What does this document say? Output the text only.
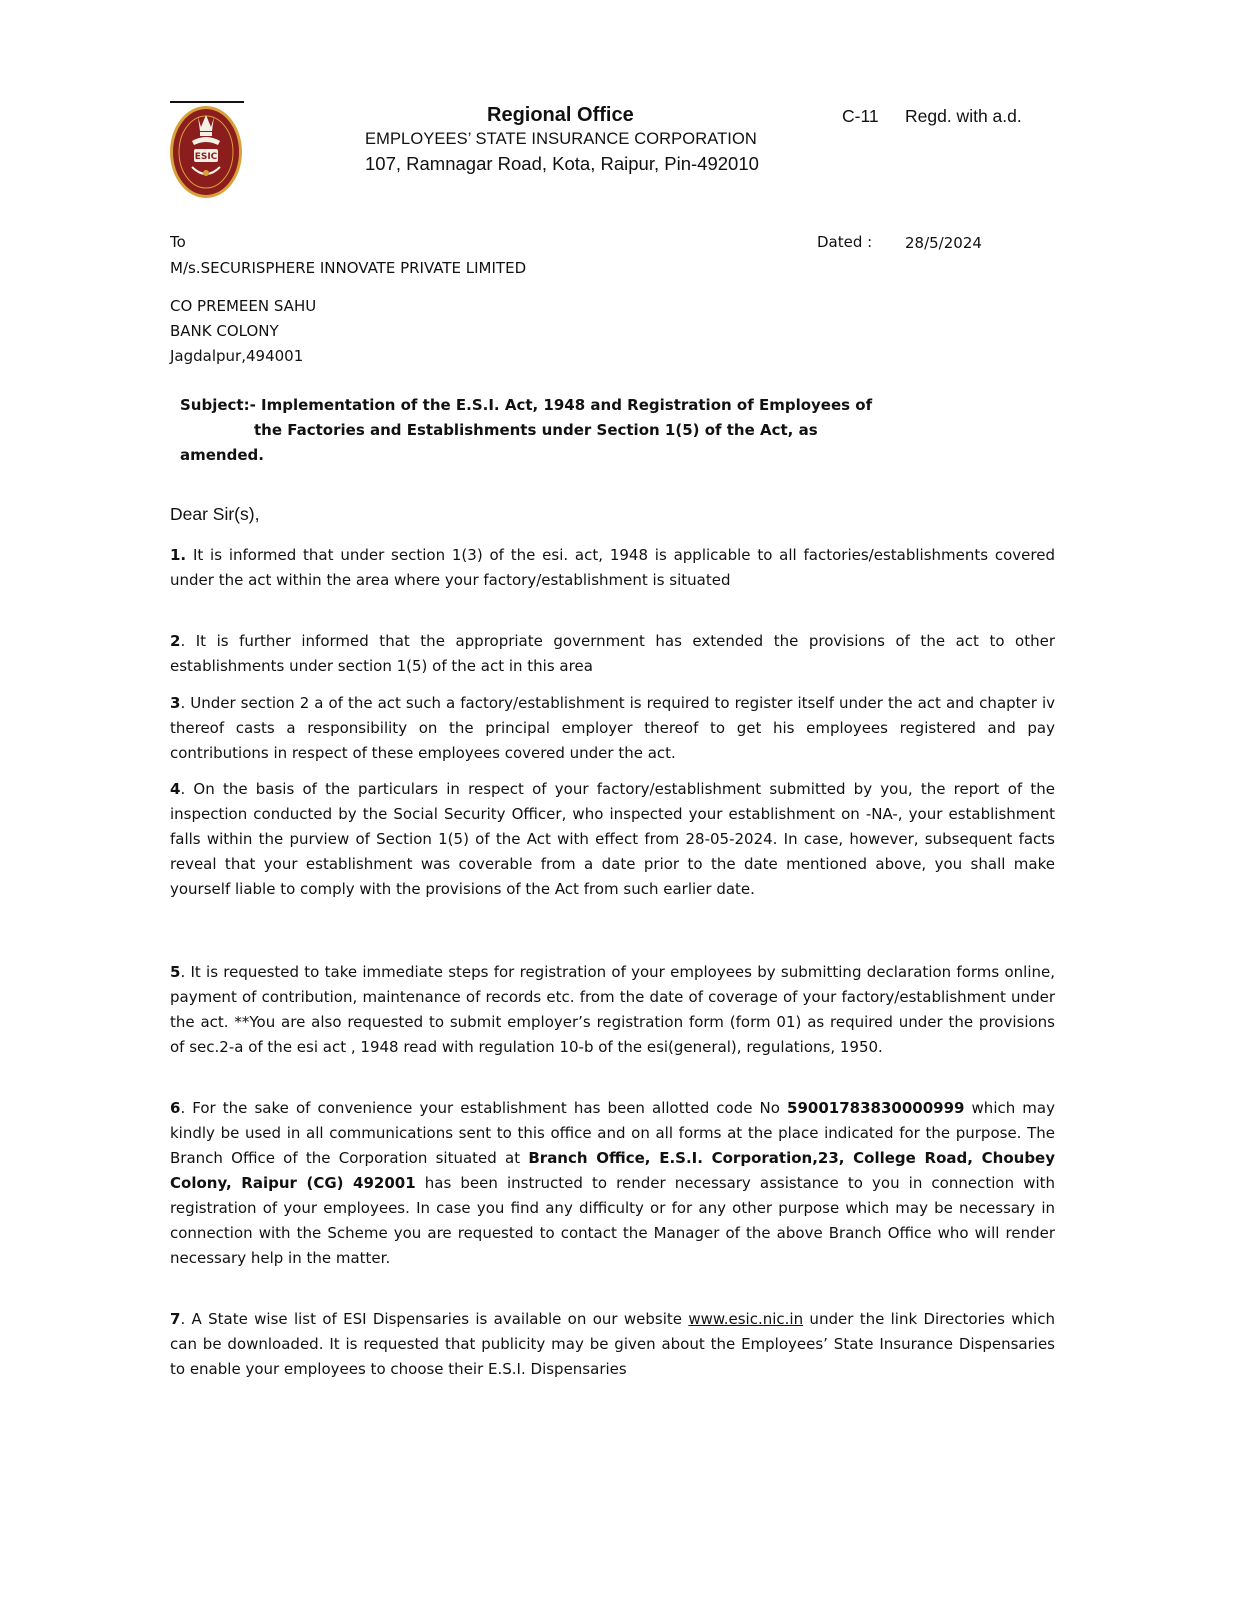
ESIC
Regional Office
EMPLOYEES’ STATE INSURANCE CORPORATION
107, Ramnagar Road, Kota, Raipur, Pin-492010
C-11 Regd. with a.d.
To	Dated : 28/5/2024
M/s.SECURISPHERE INNOVATE PRIVATE LIMITED
CO PREMEEN SAHU
BANK COLONY
Jagdalpur,494001
Subject:- Implementation of the E.S.I. Act, 1948 and Registration of Employees of
the Factories and Establishments under Section 1(5) of the Act, as
amended.
Dear Sir(s),

1. It is informed that under section 1(3) of the esi. act, 1948 is applicable to all factories/establishments covered under the act within the area where your factory/establishment is situated

2. It is further informed that the appropriate government has extended the provisions of the act to other establishments under section 1(5) of the act in this area

3. Under section 2 a of the act such a factory/establishment is required to register itself under the act and chapter iv thereof casts a responsibility on the principal employer thereof to get his employees registered and pay contributions in respect of these employees covered under the act.

4. On the basis of the particulars in respect of your factory/establishment submitted by you, the report of the inspection conducted by the Social Security Officer, who inspected your establishment on -NA-, your establishment falls within the purview of Section 1(5) of the Act with effect from 28-05-2024. In case, however, subsequent facts reveal that your establishment was coverable from a date prior to the date mentioned above, you shall make yourself liable to comply with the provisions of the Act from such earlier date.

5. It is requested to take immediate steps for registration of your employees by submitting declaration forms online, payment of contribution, maintenance of records etc. from the date of coverage of your factory/establishment under the act. **You are also requested to submit employer’s registration form (form 01) as required under the provisions of sec.2-a of the esi act , 1948 read with regulation 10-b of the esi(general), regulations, 1950.

6. For the sake of convenience your establishment has been allotted code No 59001783830000999 which may kindly be used in all communications sent to this office and on all forms at the place indicated for the purpose. The Branch Office of the Corporation situated at Branch Office, E.S.I. Corporation,23, College Road, Choubey Colony, Raipur (CG) 492001 has been instructed to render necessary assistance to you in connection with registration of your employees. In case you find any difficulty or for any other purpose which may be necessary in connection with the Scheme you are requested to contact the Manager of the above Branch Office who will render necessary help in the matter.

7. A State wise list of ESI Dispensaries is available on our website www.esic.nic.in under the link Directories which can be downloaded. It is requested that publicity may be given about the Employees’ State Insurance Dispensaries to enable your employees to choose their E.S.I. Dispensaries
